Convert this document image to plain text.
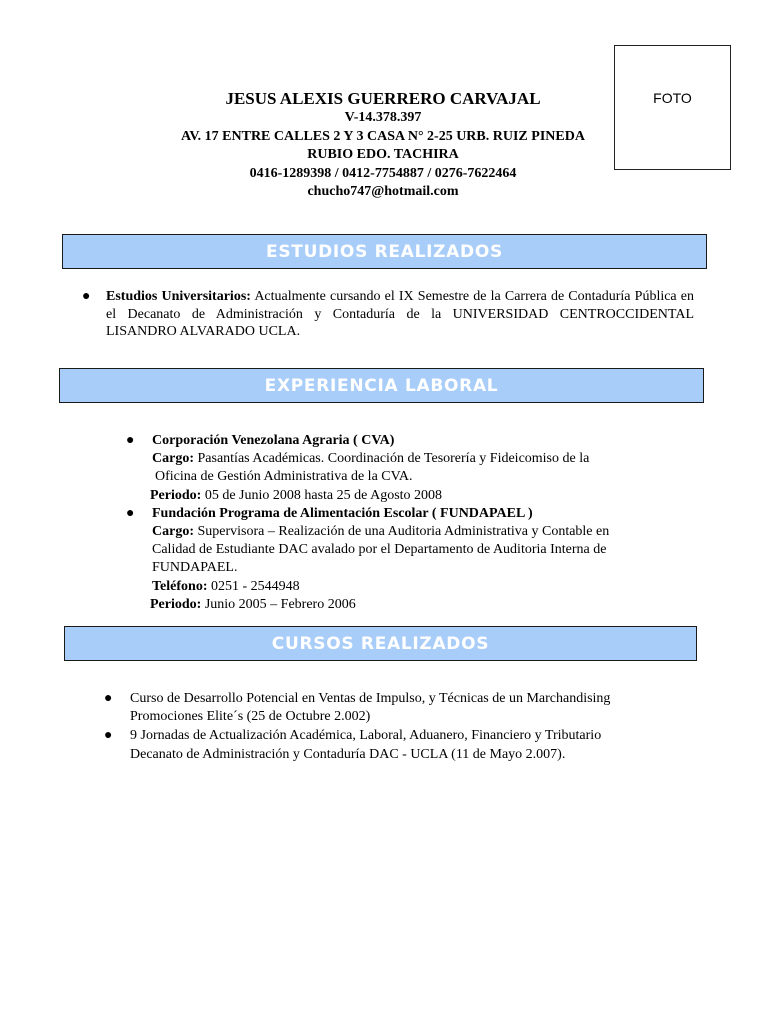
FOTO
JESUS ALEXIS GUERRERO CARVAJAL
V-14.378.397
AV. 17 ENTRE CALLES 2 Y 3 CASA N° 2-25 URB. RUIZ PINEDA
RUBIO EDO. TACHIRA
0416-1289398 / 0412-7754887 / 0276-7622464
chucho747@hotmail.com
ESTUDIOS REALIZADOS
● Estudios Universitarios: Actualmente cursando el IX Semestre de la Carrera de Contaduría Pública en el Decanato de Administración y Contaduría de la UNIVERSIDAD CENTROCCIDENTAL LISANDRO ALVARADO UCLA.
EXPERIENCIA LABORAL
● Corporación Venezolana Agraria ( CVA)
Cargo: Pasantías Académicas. Coordinación de Tesorería y Fideicomiso de la
Oficina de Gestión Administrativa de la CVA.
Periodo: 05 de Junio 2008 hasta 25 de Agosto 2008
● Fundación Programa de Alimentación Escolar ( FUNDAPAEL )
Cargo: Supervisora – Realización de una Auditoria Administrativa y Contable en
Calidad de Estudiante DAC avalado por el Departamento de Auditoria Interna de
FUNDAPAEL.
Teléfono: 0251 - 2544948
Periodo: Junio 2005 – Febrero 2006
CURSOS REALIZADOS
● Curso de Desarrollo Potencial en Ventas de Impulso, y Técnicas de un Marchandising
Promociones Elite´s (25 de Octubre 2.002)
● 9 Jornadas de Actualización Académica, Laboral, Aduanero, Financiero y Tributario
Decanato de Administración y Contaduría DAC - UCLA (11 de Mayo 2.007).
